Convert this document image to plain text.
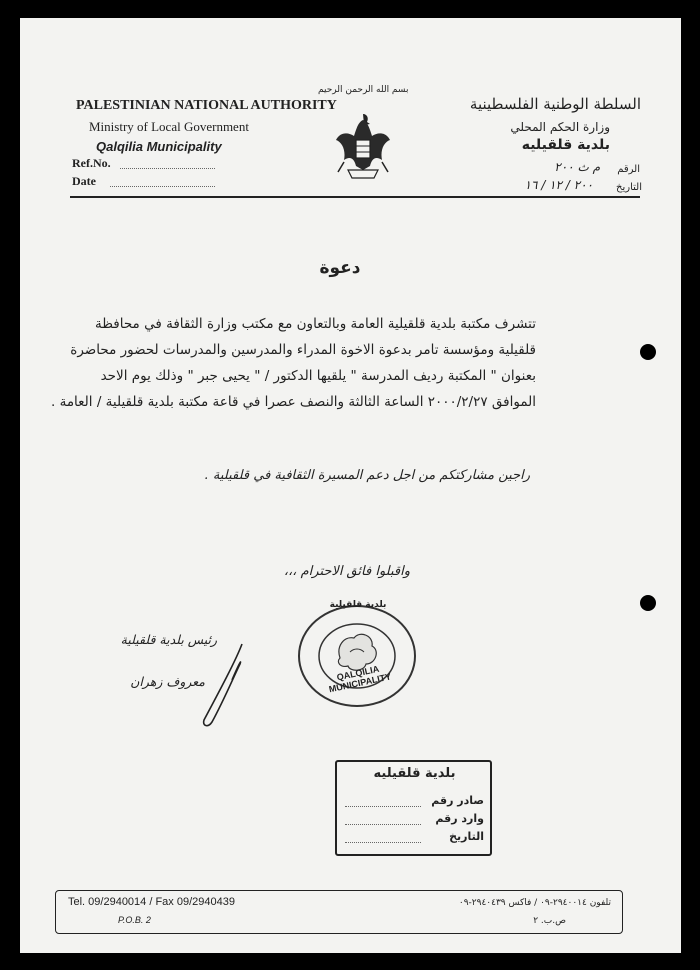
PALESTINIAN NATIONAL AUTHORITY
Ministry of Local Government
Qalqilia Municipality
Ref.No.
Date
بسم الله الرحمن الرحيم
السلطة الوطنية الفلسطينية
وزارة الحكم المحلي
بلدية قلقيليه
الرقم
م ث ٢٠٠
التاريخ
٢٠٠ / ١٢ / ١٦
دعوة
تتشرف مكتبة بلدية قلقيلية العامة وبالتعاون مع مكتب وزارة الثقافة في محافظة
قلقيلية ومؤسسة تامر بدعوة الاخوة المدراء والمدرسين والمدرسات لحضور محاضرة
بعنوان " المكتبة رديف المدرسة " يلقيها الدكتور / " يحيى جبر " وذلك يوم الاحد
الموافق ٢٠٠٠/٢/٢٧ الساعة الثالثة والنصف عصرا في قاعة مكتبة بلدية قلقيلية / العامة .
راجين مشاركتكم من اجل دعم المسيرة الثقافية في قلقيلية .
واقبلوا فائق الاحترام ،،،
رئيس بلدية قلقيلية
معروف زهران
بلدية قلقيلية
QALQILIA MUNICIPALITY
بلدية قلقيليه
صادر رقم
وارد رقم
التاريخ
Tel. 09/2940014 / Fax 09/2940439
P.O.B. 2
تلفون ٢٩٤٠٠١٤-٠٩ / فاكس ٢٩٤٠٤٣٩-٠٩
ص.ب. ٢
